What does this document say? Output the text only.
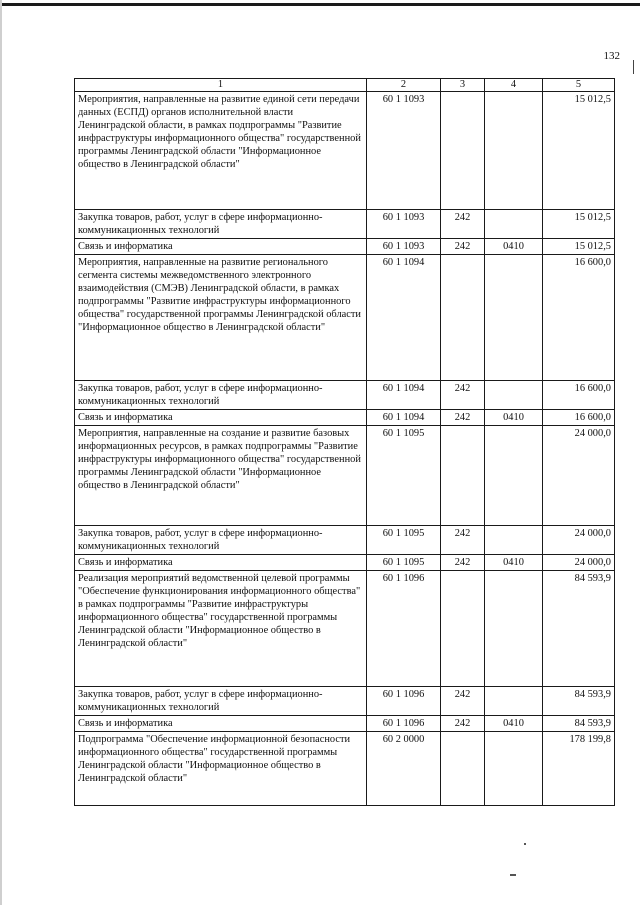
132
1	2	3	4	5
Мероприятия, направленные на развитие единой сети передачи данных (ЕСПД) органов исполнительной власти Ленинградской области, в рамках подпрограммы "Развитие инфраструктуры информационного общества" государственной программы Ленинградской области "Информационное общество в Ленинградской области"	60 1 1093			15 012,5
Закупка товаров, работ, услуг в сфере информационно-коммуникационных технологий	60 1 1093	242		15 012,5
Связь и информатика	60 1 1093	242	0410	15 012,5
Мероприятия, направленные на развитие регионального сегмента системы межведомственного электронного взаимодействия (СМЭВ) Ленинградской области, в рамках подпрограммы "Развитие инфраструктуры информационного общества" государственной программы Ленинградской области "Информационное общество в Ленинградской области"	60 1 1094			16 600,0
Закупка товаров, работ, услуг в сфере информационно-коммуникационных технологий	60 1 1094	242		16 600,0
Связь и информатика	60 1 1094	242	0410	16 600,0
Мероприятия, направленные на создание и развитие базовых информационных ресурсов, в рамках подпрограммы "Развитие инфраструктуры информационного общества" государственной программы Ленинградской области "Информационное общество в Ленинградской области"	60 1 1095			24 000,0
Закупка товаров, работ, услуг в сфере информационно-коммуникационных технологий	60 1 1095	242		24 000,0
Связь и информатика	60 1 1095	242	0410	24 000,0
Реализация мероприятий ведомственной целевой программы "Обеспечение функционирования информационного общества" в рамках подпрограммы "Развитие инфраструктуры информационного общества" государственной программы Ленинградской области "Информационное общество в Ленинградской области"	60 1 1096			84 593,9
Закупка товаров, работ, услуг в сфере информационно-коммуникационных технологий	60 1 1096	242		84 593,9
Связь и информатика	60 1 1096	242	0410	84 593,9
Подпрограмма "Обеспечение информационной безопасности информационного общества" государственной программы Ленинградской области "Информационное общество в Ленинградской области"	60 2 0000			178 199,8
